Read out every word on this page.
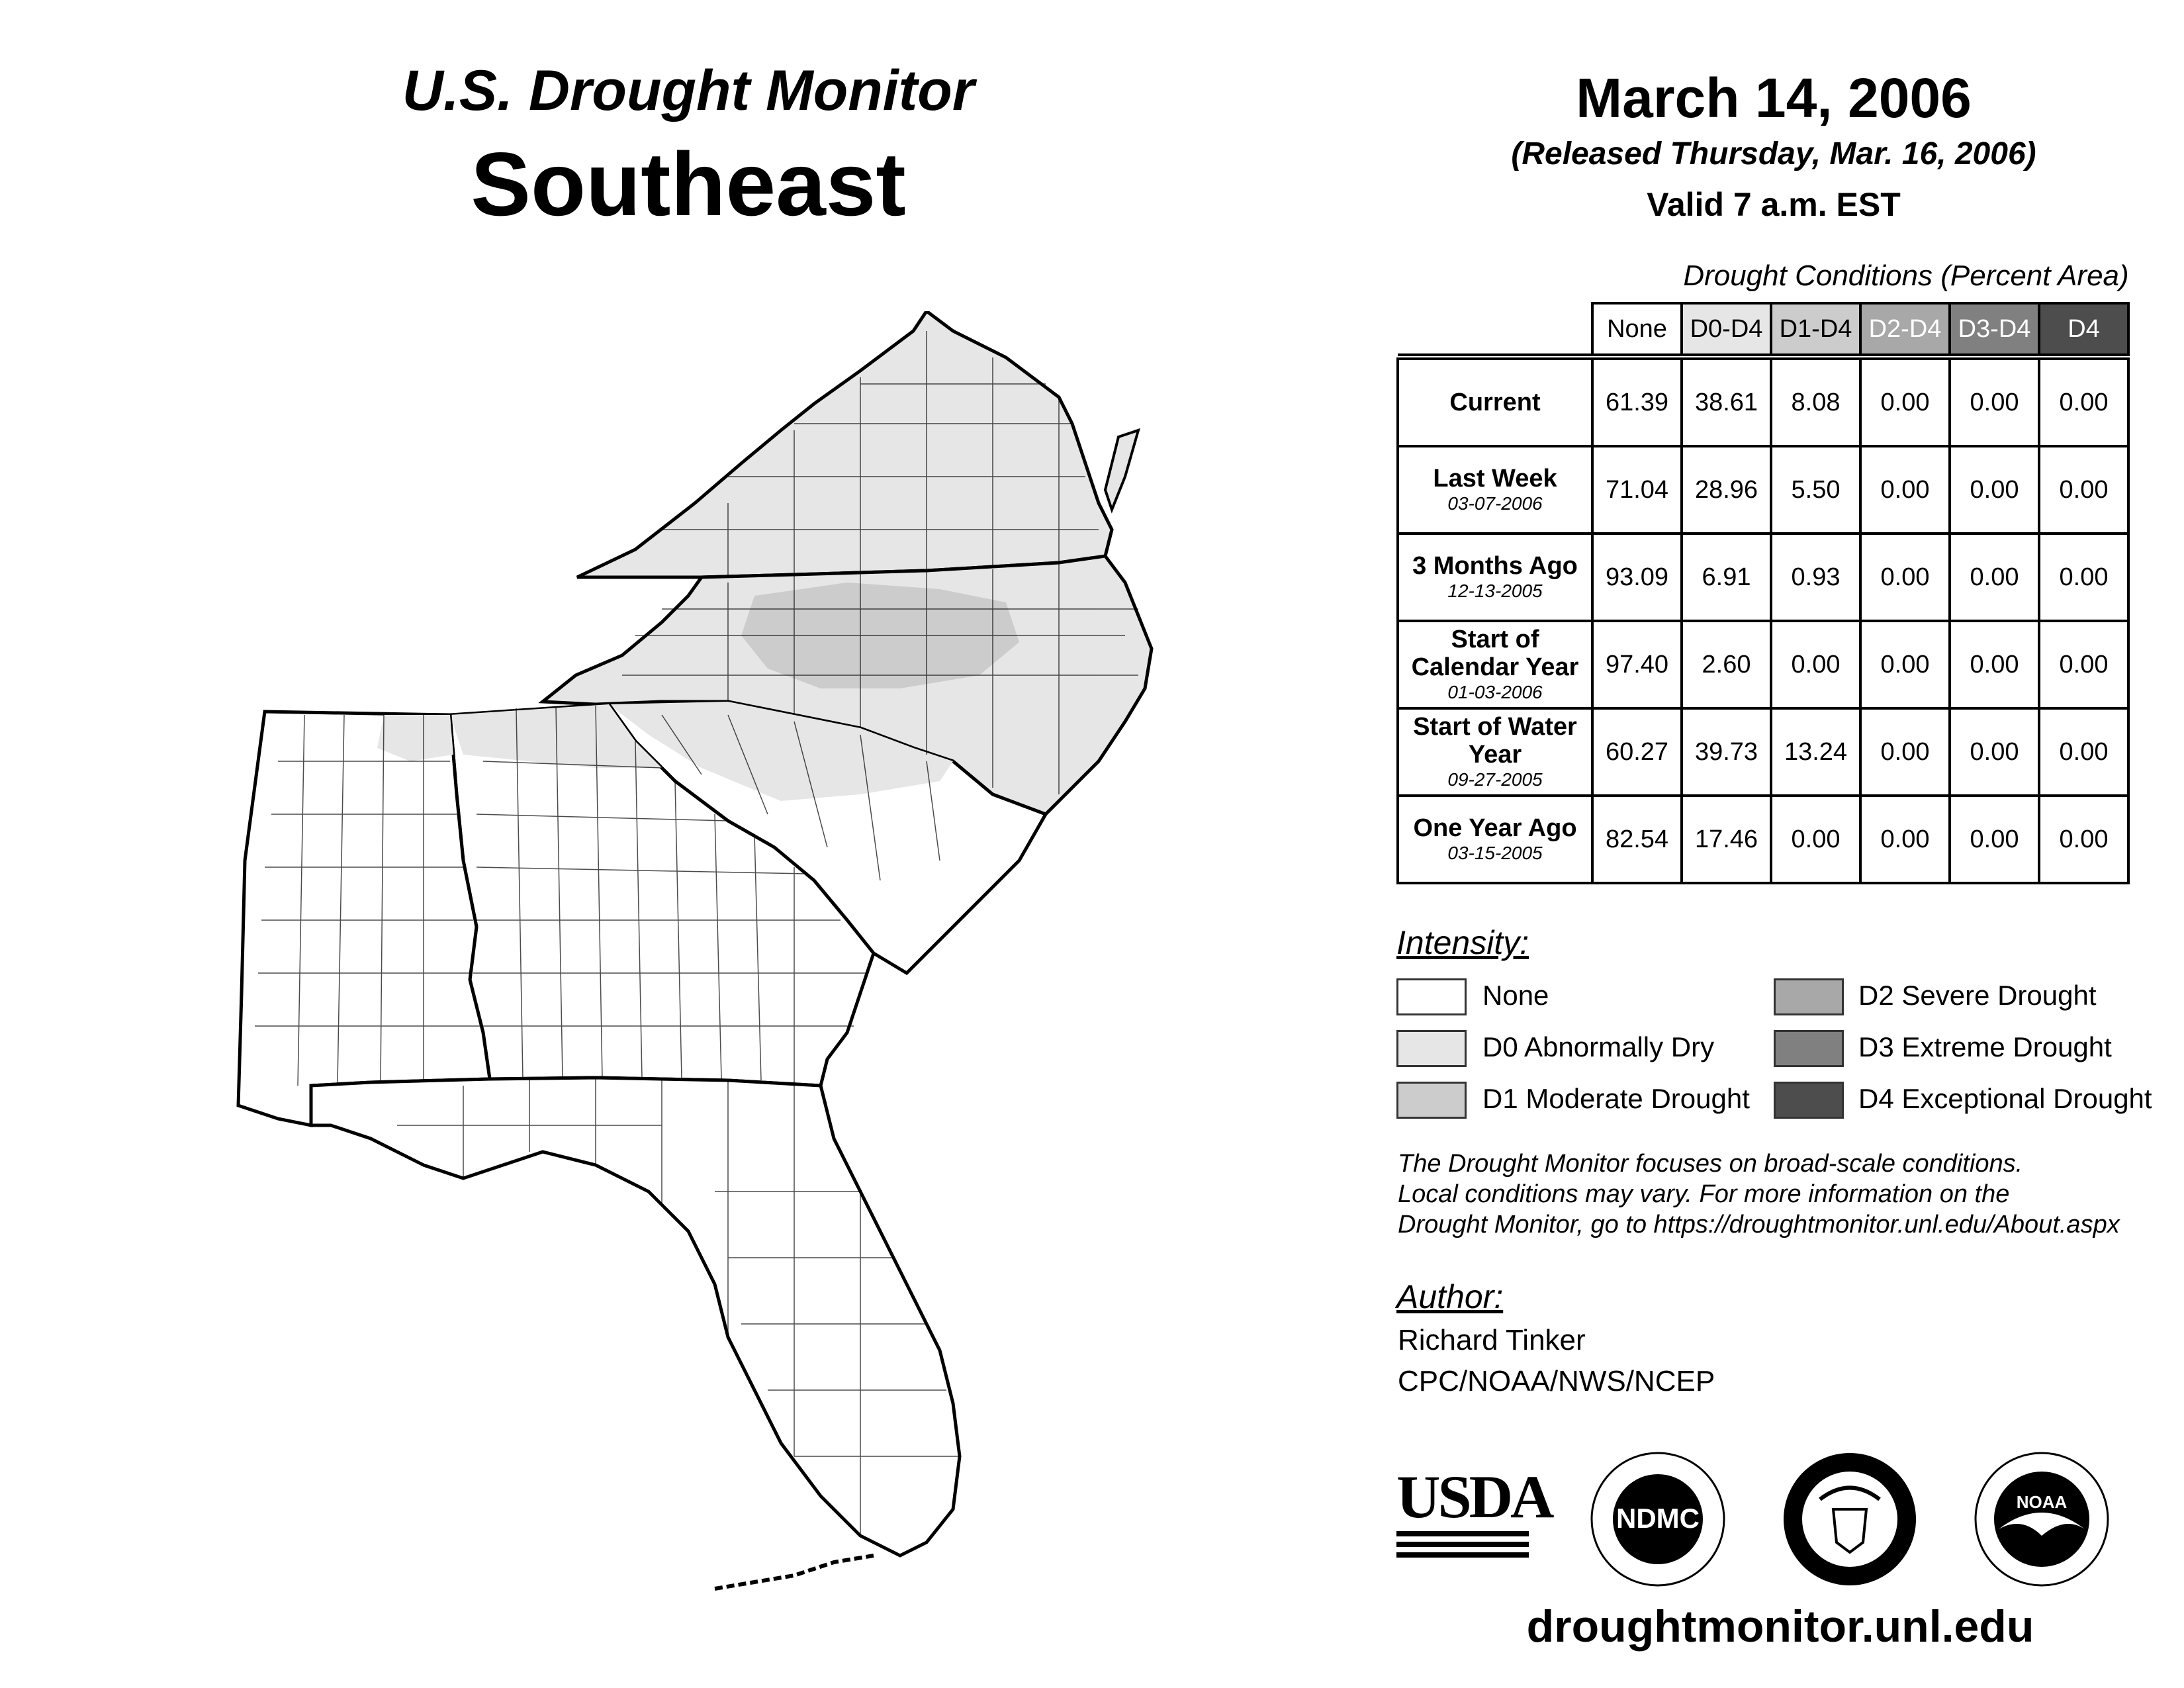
U.S. Drought Monitor
Southeast
March 14, 2006
(Released Thursday, Mar. 16, 2006)
Valid 7 a.m. EST
Drought Conditions (Percent Area)
	None	D0-D4	D1-D4	D2-D4	D3-D4	D4

Current	61.39	38.61	8.08	0.00	0.00	0.00
Last Week
03-07-2006	71.04	28.96	5.50	0.00	0.00	0.00
3 Months Ago
12-13-2005	93.09	6.91	0.93	0.00	0.00	0.00
Start of Calendar Year
01-03-2006	97.40	2.60	0.00	0.00	0.00	0.00
Start of Water Year
09-27-2005	60.27	39.73	13.24	0.00	0.00	0.00
One Year Ago
03-15-2005	82.54	17.46	0.00	0.00	0.00	0.00
Intensity:
None
D0 Abnormally Dry
D1 Moderate Drought
D2 Severe Drought
D3 Extreme Drought
D4 Exceptional Drought
The Drought Monitor focuses on broad-scale conditions.
Local conditions may vary. For more information on the
Drought Monitor, go to https://droughtmonitor.unl.edu/About.aspx
Author:
Richard Tinker
CPC/NOAA/NWS/NCEP
USDA NDMC
NOAA
droughtmonitor.unl.edu
